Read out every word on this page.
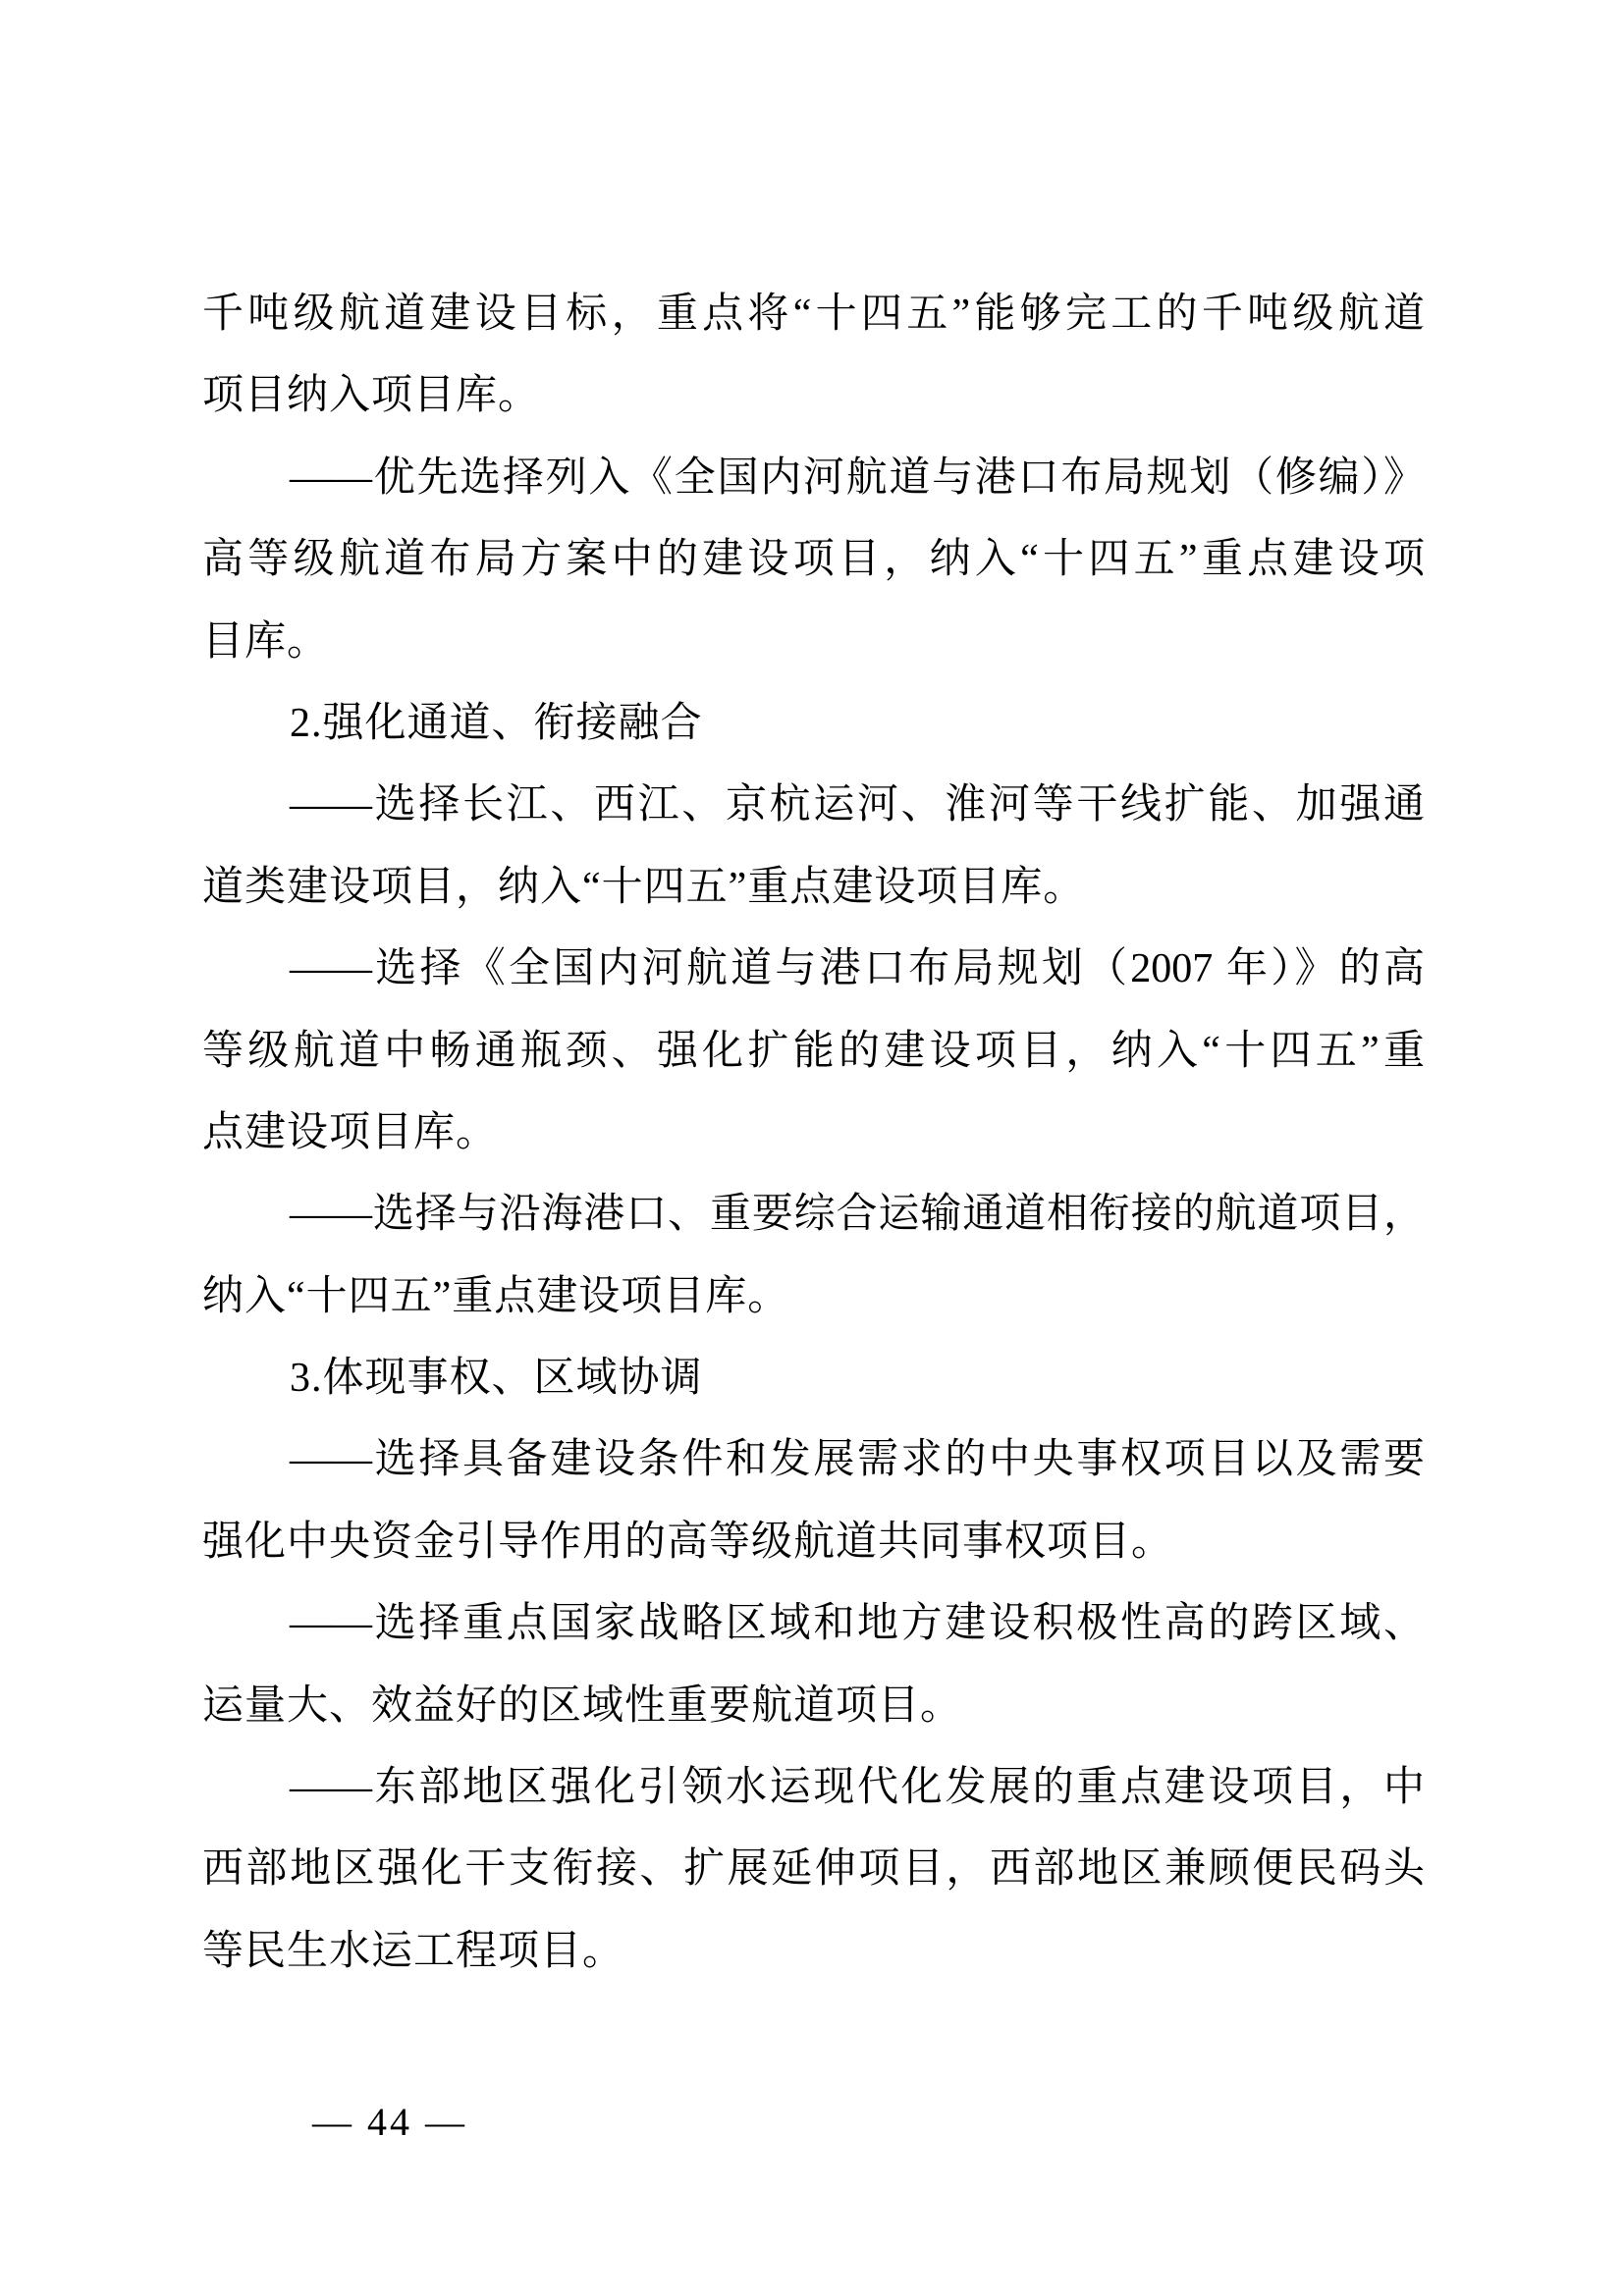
千吨级航道建设目标，重点将“十四五”能够完工的千吨级航道
项目纳入项目库。
——优先选择列入《全国内河航道与港口布局规划（修编）》
高等级航道布局方案中的建设项目，纳入“十四五”重点建设项
目库。
2.强化通道、衔接融合
——选择长江、西江、京杭运河、淮河等干线扩能、加强通
道类建设项目，纳入“十四五”重点建设项目库。
——选择《全国内河航道与港口布局规划（2007 年）》的高
等级航道中畅通瓶颈、强化扩能的建设项目，纳入“十四五”重
点建设项目库。
——选择与沿海港口、重要综合运输通道相衔接的航道项目，
纳入“十四五”重点建设项目库。
3.体现事权、区域协调
——选择具备建设条件和发展需求的中央事权项目以及需要
强化中央资金引导作用的高等级航道共同事权项目。
——选择重点国家战略区域和地方建设积极性高的跨区域、
运量大、效益好的区域性重要航道项目。
——东部地区强化引领水运现代化发展的重点建设项目，中
西部地区强化干支衔接、扩展延伸项目，西部地区兼顾便民码头
等民生水运工程项目。
— 44 —
